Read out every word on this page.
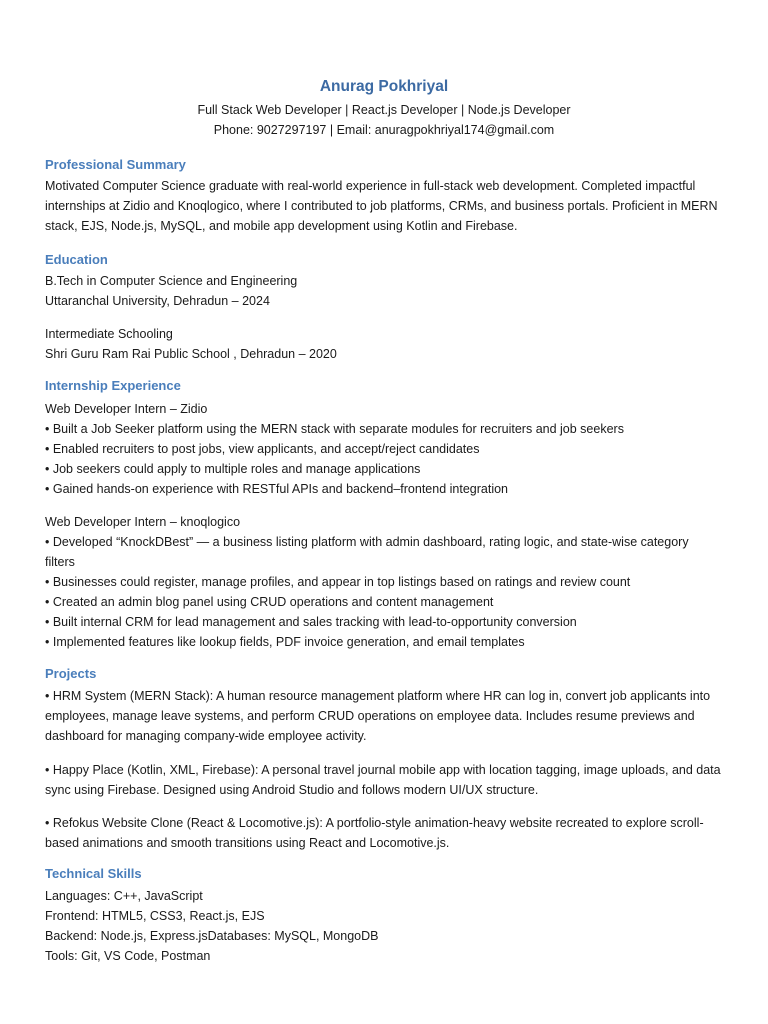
Anurag Pokhriyal
Full Stack Web Developer | React.js Developer | Node.js Developer
Phone: 9027297197 | Email: anuragpokhriyal174@gmail.com
Professional Summary
Motivated Computer Science graduate with real-world experience in full-stack web development. Completed impactful internships at Zidio and Knoqlogico, where I contributed to job platforms, CRMs, and business portals. Proficient in MERN stack, EJS, Node.js, MySQL, and mobile app development using Kotlin and Firebase.
Education
B.Tech in Computer Science and Engineering
Uttaranchal University, Dehradun – 2024
Intermediate Schooling
Shri Guru Ram Rai Public School , Dehradun – 2020
Internship Experience
Web Developer Intern – Zidio
• Built a Job Seeker platform using the MERN stack with separate modules for recruiters and job seekers
• Enabled recruiters to post jobs, view applicants, and accept/reject candidates
• Job seekers could apply to multiple roles and manage applications
• Gained hands-on experience with RESTful APIs and backend–frontend integration
Web Developer Intern – knoqlogico
• Developed “KnockDBest” — a business listing platform with admin dashboard, rating logic, and state-wise category filters
• Businesses could register, manage profiles, and appear in top listings based on ratings and review count
• Created an admin blog panel using CRUD operations and content management
• Built internal CRM for lead management and sales tracking with lead-to-opportunity conversion
• Implemented features like lookup fields, PDF invoice generation, and email templates
Projects
• HRM System (MERN Stack): A human resource management platform where HR can log in, convert job applicants into employees, manage leave systems, and perform CRUD operations on employee data. Includes resume previews and dashboard for managing company-wide employee activity.
• Happy Place (Kotlin, XML, Firebase): A personal travel journal mobile app with location tagging, image uploads, and data sync using Firebase. Designed using Android Studio and follows modern UI/UX structure.
• Refokus Website Clone (React & Locomotive.js): A portfolio-style animation-heavy website recreated to explore scroll-based animations and smooth transitions using React and Locomotive.js.
Technical Skills
Languages: C++, JavaScript
Frontend: HTML5, CSS3, React.js, EJS
Backend: Node.js, Express.jsDatabases: MySQL, MongoDB
Tools: Git, VS Code, Postman
